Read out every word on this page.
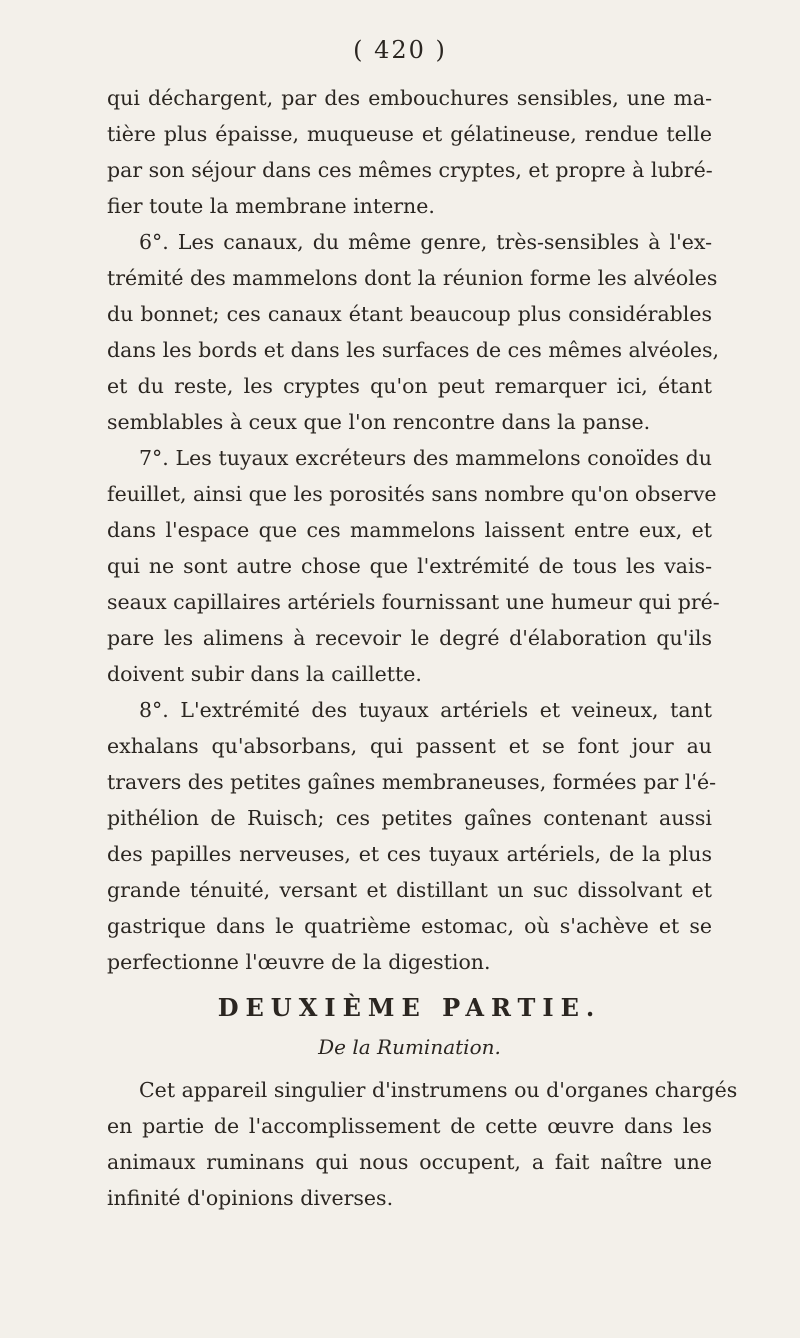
( 420 )
qui déchargent, par des embouchures sensibles, une ma-
tière plus épaisse, muqueuse et gélatineuse, rendue telle
par son séjour dans ces mêmes cryptes, et propre à lubré-
fier toute la membrane interne.
6°. Les canaux, du même genre, très-sensibles à l'ex-
trémité des mammelons dont la réunion forme les alvéoles
du bonnet; ces canaux étant beaucoup plus considérables
dans les bords et dans les surfaces de ces mêmes alvéoles,
et du reste, les cryptes qu'on peut remarquer ici, étant
semblables à ceux que l'on rencontre dans la panse.
7°. Les tuyaux excréteurs des mammelons conoïdes du
feuillet, ainsi que les porosités sans nombre qu'on observe
dans l'espace que ces mammelons laissent entre eux, et
qui ne sont autre chose que l'extrémité de tous les vais-
seaux capillaires artériels fournissant une humeur qui pré-
pare les alimens à recevoir le degré d'élaboration qu'ils
doivent subir dans la caillette.
8°. L'extrémité des tuyaux artériels et veineux, tant
exhalans qu'absorbans, qui passent et se font jour au
travers des petites gaînes membraneuses, formées par l'é-
pithélion de Ruisch; ces petites gaînes contenant aussi
des papilles nerveuses, et ces tuyaux artériels, de la plus
grande ténuité, versant et distillant un suc dissolvant et
gastrique dans le quatrième estomac, où s'achève et se
perfectionne l'œuvre de la digestion.
DEUXIÈME PARTIE.
De la Rumination.
Cet appareil singulier d'instrumens ou d'organes chargés
en partie de l'accomplissement de cette œuvre dans les
animaux ruminans qui nous occupent, a fait naître une
infinité d'opinions diverses.
